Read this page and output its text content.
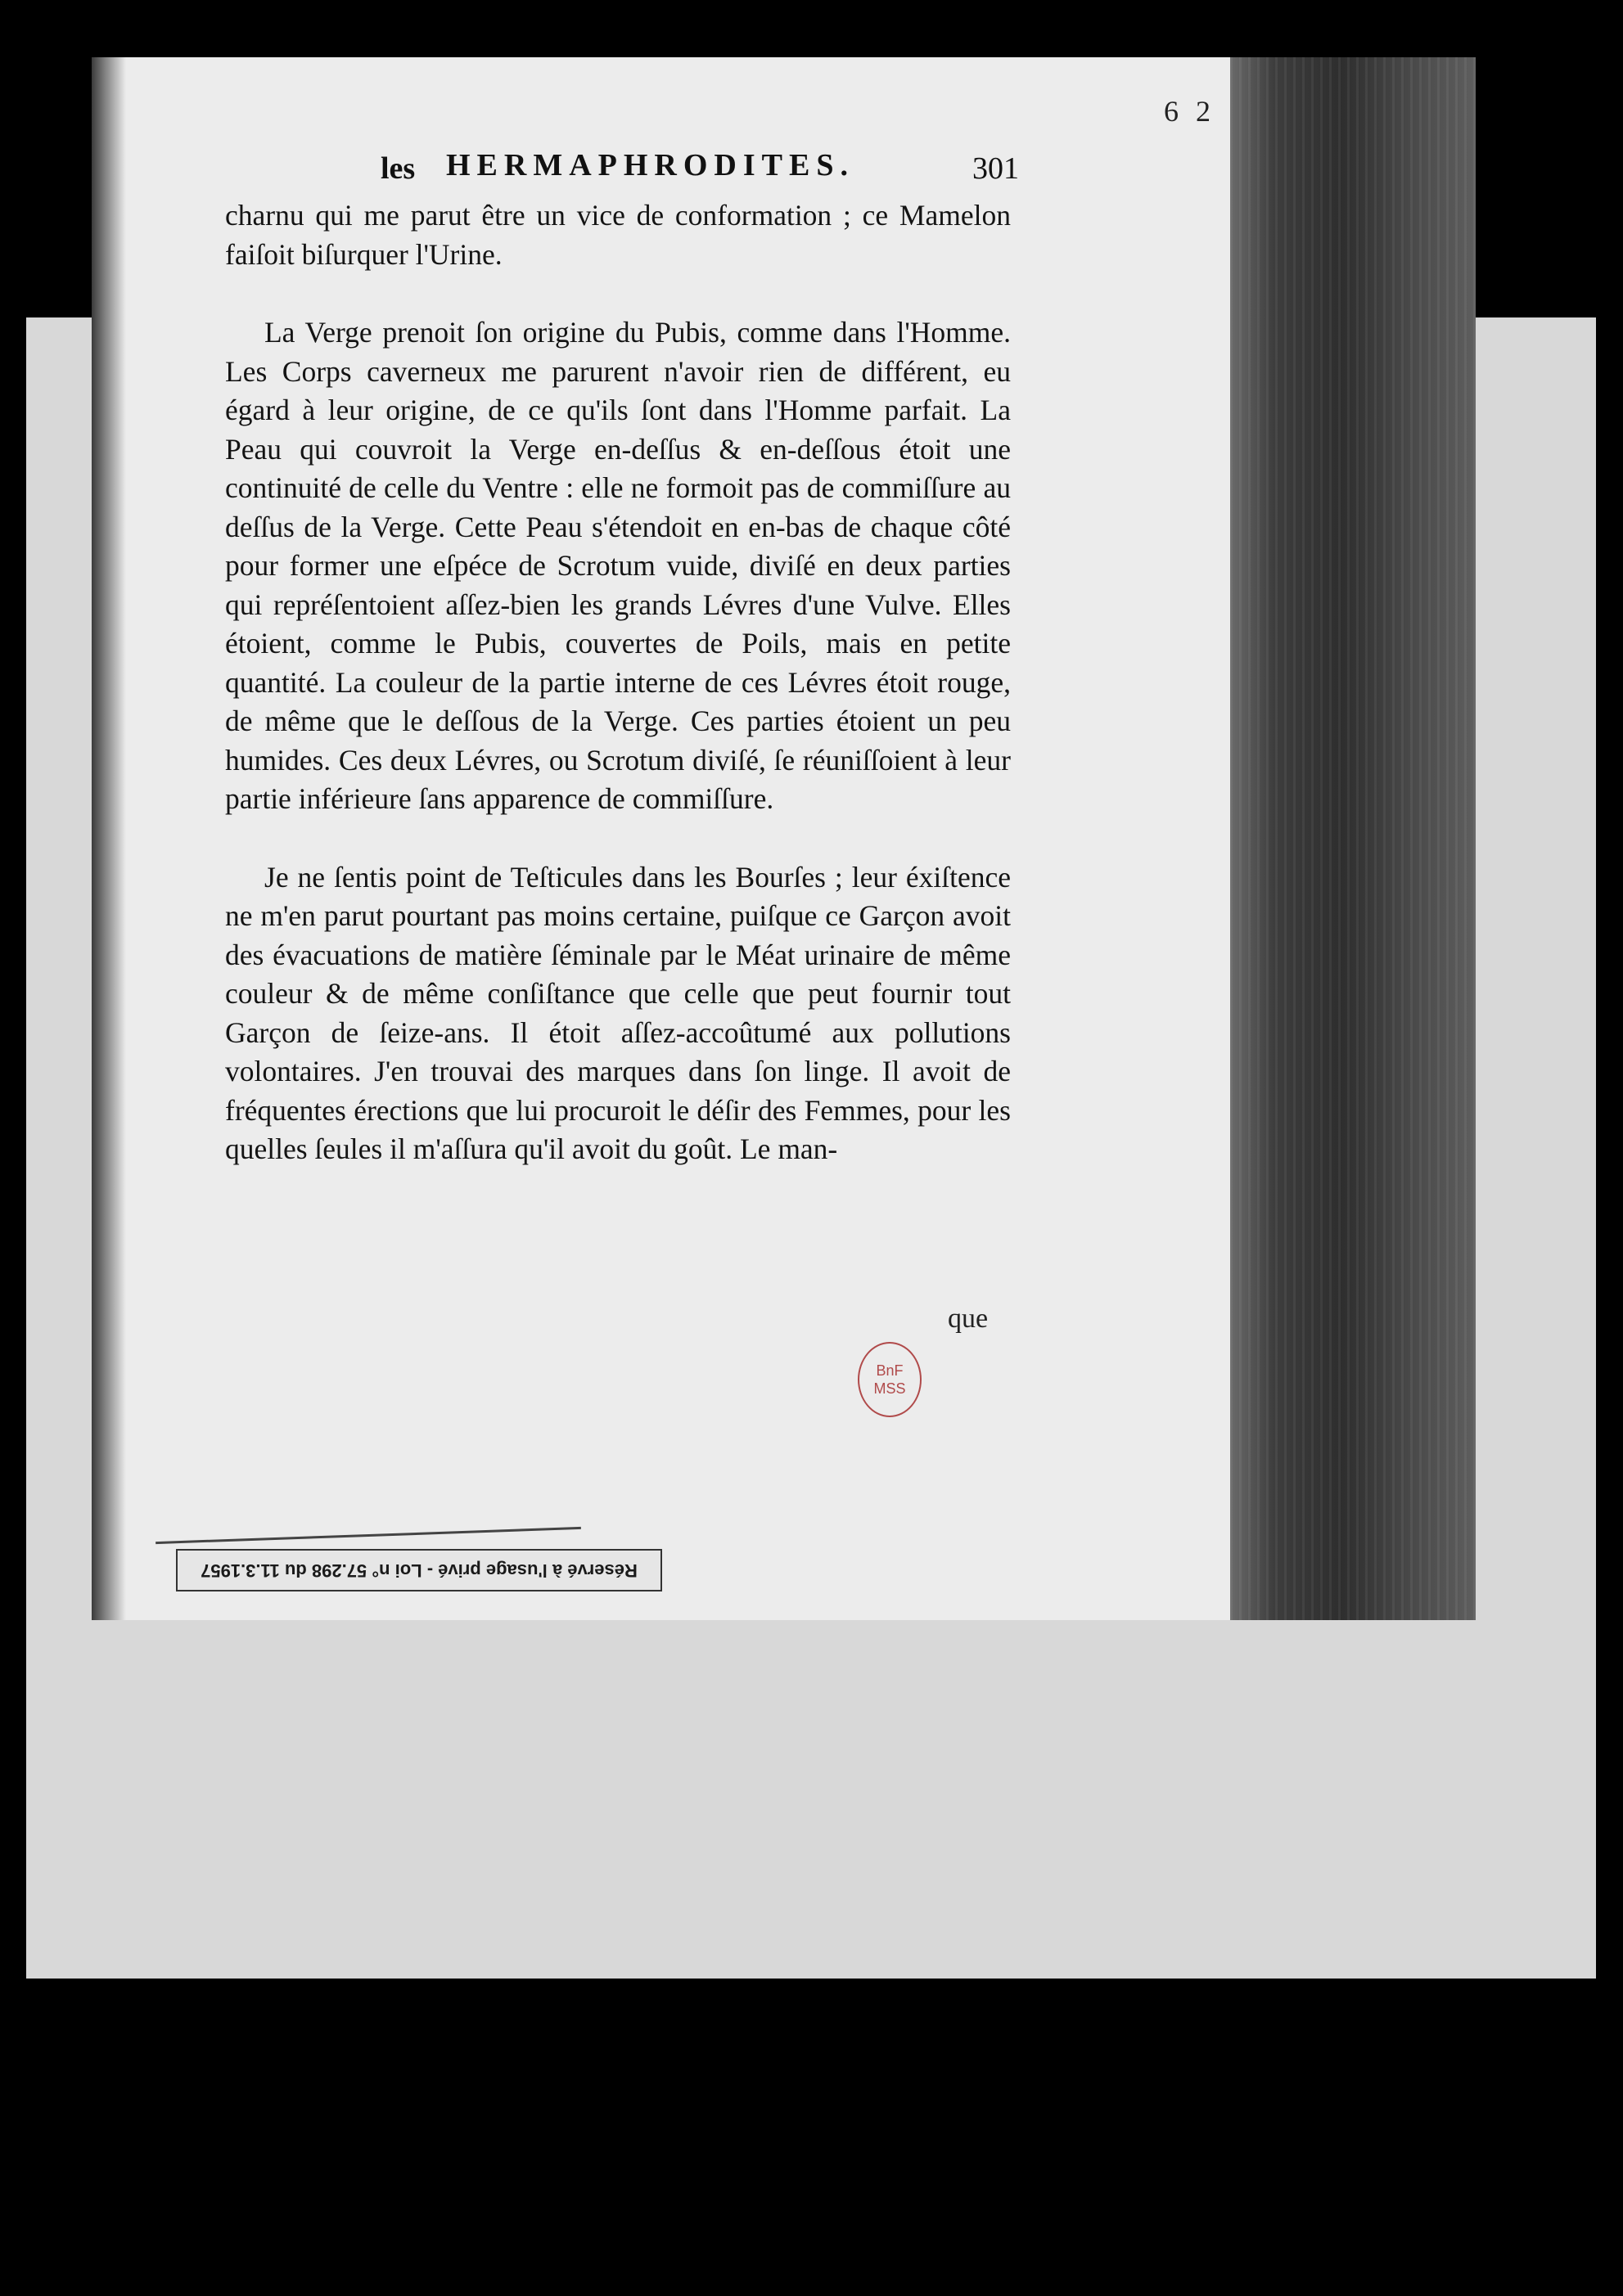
6 2
les HERMAPHRODITES.	301

charnu qui me parut être un vice de conformation ; ce Mamelon faiſoit biſurquer l'Urine.

La Verge prenoit ſon origine du Pubis, comme dans l'Homme. Les Corps caverneux me parurent n'avoir rien de différent, eu égard à leur origine, de ce qu'ils ſont dans l'Homme parfait. La Peau qui couvroit la Verge en-deſſus & en-deſſous étoit une continuité de celle du Ventre : elle ne formoit pas de commiſſure au deſſus de la Verge. Cette Peau s'étendoit en en-bas de chaque côté pour former une eſpéce de Scrotum vuide, diviſé en deux parties qui repréſentoient aſſez-bien les grands Lévres d'une Vulve. Elles étoient, comme le Pubis, couvertes de Poils, mais en petite quantité. La couleur de la partie interne de ces Lévres étoit rouge, de même que le deſſous de la Verge. Ces parties étoient un peu humides. Ces deux Lévres, ou Scrotum diviſé, ſe réuniſſoient à leur partie inférieure ſans apparence de commiſſure.

Je ne ſentis point de Teſticules dans les Bourſes ; leur éxiſtence ne m'en parut pourtant pas moins certaine, puiſque ce Garçon avoit des évacuations de matière ſéminale par le Méat urinaire de même couleur & de même conſiſtance que celle que peut fournir tout Garçon de ſeize-ans. Il étoit aſſez-accoûtumé aux pollutions volontaires. J'en trouvai des marques dans ſon linge. Il avoit de fréquentes érections que lui procuroit le déſir des Femmes, pour les quelles ſeules il m'aſſura qu'il avoit du goût. Le man-

que
BnF
MSS
Réservé à l'usage privé - Loi n° 57.298 du 11.3.1957
